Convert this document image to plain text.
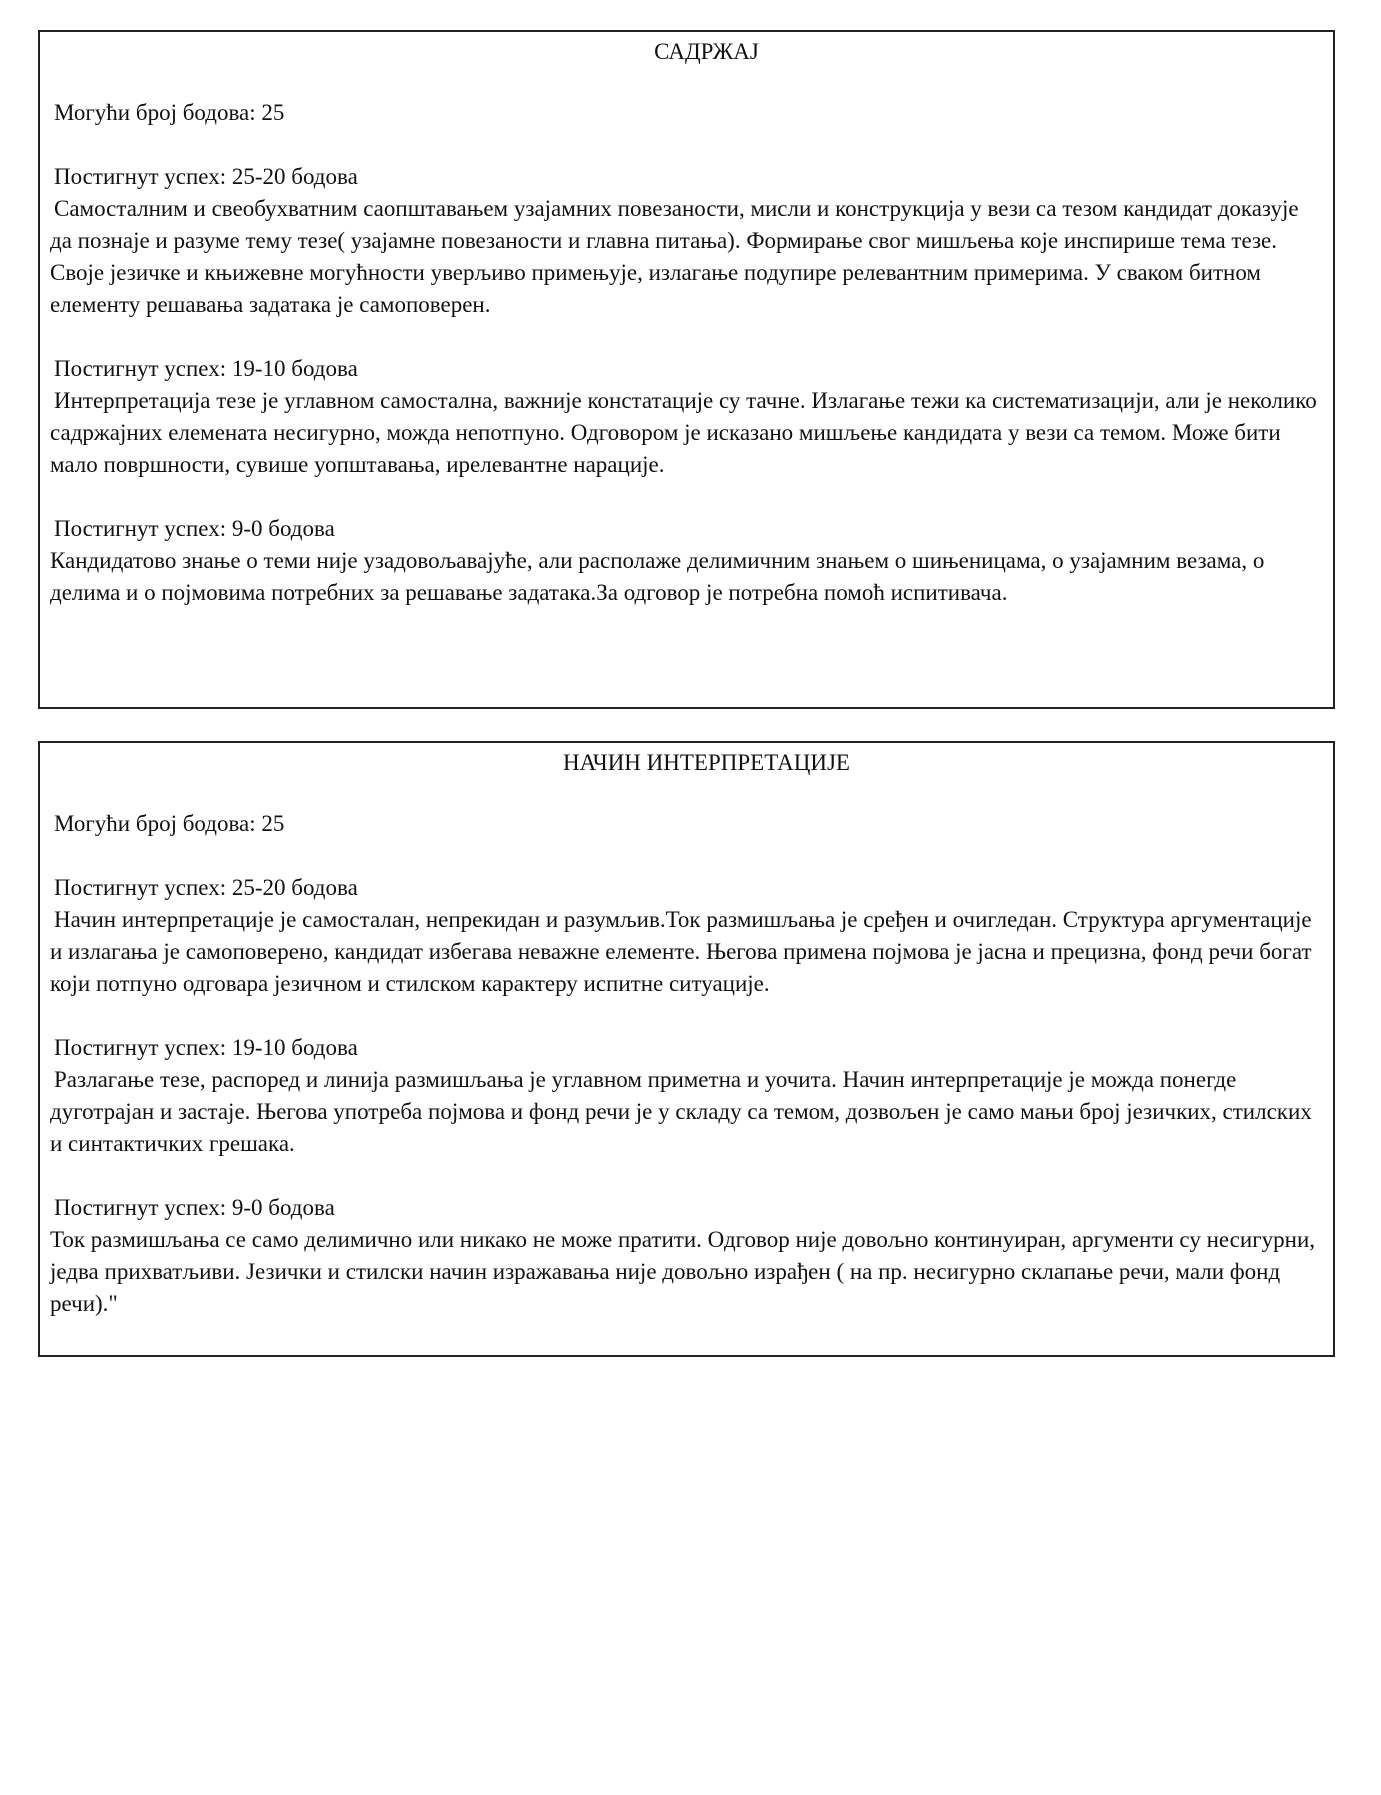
САДРЖАЈ
Могући број бодова: 25
Постигнут успех: 25-20 бодова
Самосталним и свеобухватним саопштавањем узајамних повезаности, мисли и конструкција у вези са тезом кандидат доказује да познаје и разуме тему тезе( узајамне повезаности и главна питања). Формирање свог мишљења које инспирише тема тезе. Своје језичке и књижевне могућности уверљиво примењује, излагање подупире релевантним примерима. У сваком битном елементу решавања задатака је самоповерен.
Постигнут успех: 19-10 бодова
Интерпретација тезе је углавном самостална, важније констатације су тачне. Излагање тежи ка систематизацији, али је неколико садржајних елемената несигурно, можда непотпуно. Одговором је исказано мишљење кандидата у вези са темом. Може бити мало површности, сувише уопштавања, ирелевантне нарације.
Постигнут успех: 9-0 бодова
Кандидатово знање о теми није узадовољавајуће, али располаже делимичним знањем о шињеницама, о узајамним везама, о делима и о појмовима потребних за решавање задатака.За одговор је потребна помоћ испитивача.
НАЧИН ИНТЕРПРЕТАЦИЈЕ
Могући број бодова: 25
Постигнут успех: 25-20 бодова
Начин интерпретације је самосталан, непрекидан и разумљив.Ток размишљања је сређен и очигледан. Структура аргументације и излагања је самоповерено, кандидат избегава неважне елементе. Његова примена појмова је јасна и прецизна, фонд речи богат који потпуно одговара језичном и стилском карактеру испитне ситуације.
Постигнут успех: 19-10 бодова
Разлагање тезе, распоред и линија размишљања је углавном приметна и уочита. Начин интерпретације је можда понегде дуготрајан и застаје. Његова употреба појмова и фонд речи је у складу са темом, дозвољен је само мањи број језичких, стилских и синтактичких грешака.
Постигнут успех: 9-0 бодова
Ток размишљања се само делимично или никако не може пратити. Одговор није довољно континуиран, аргументи су несигурни, једва прихватљиви. Језички и стилски начин изражавања није довољно израђен ( на пр. несигурно склапање речи, мали фонд речи)."
